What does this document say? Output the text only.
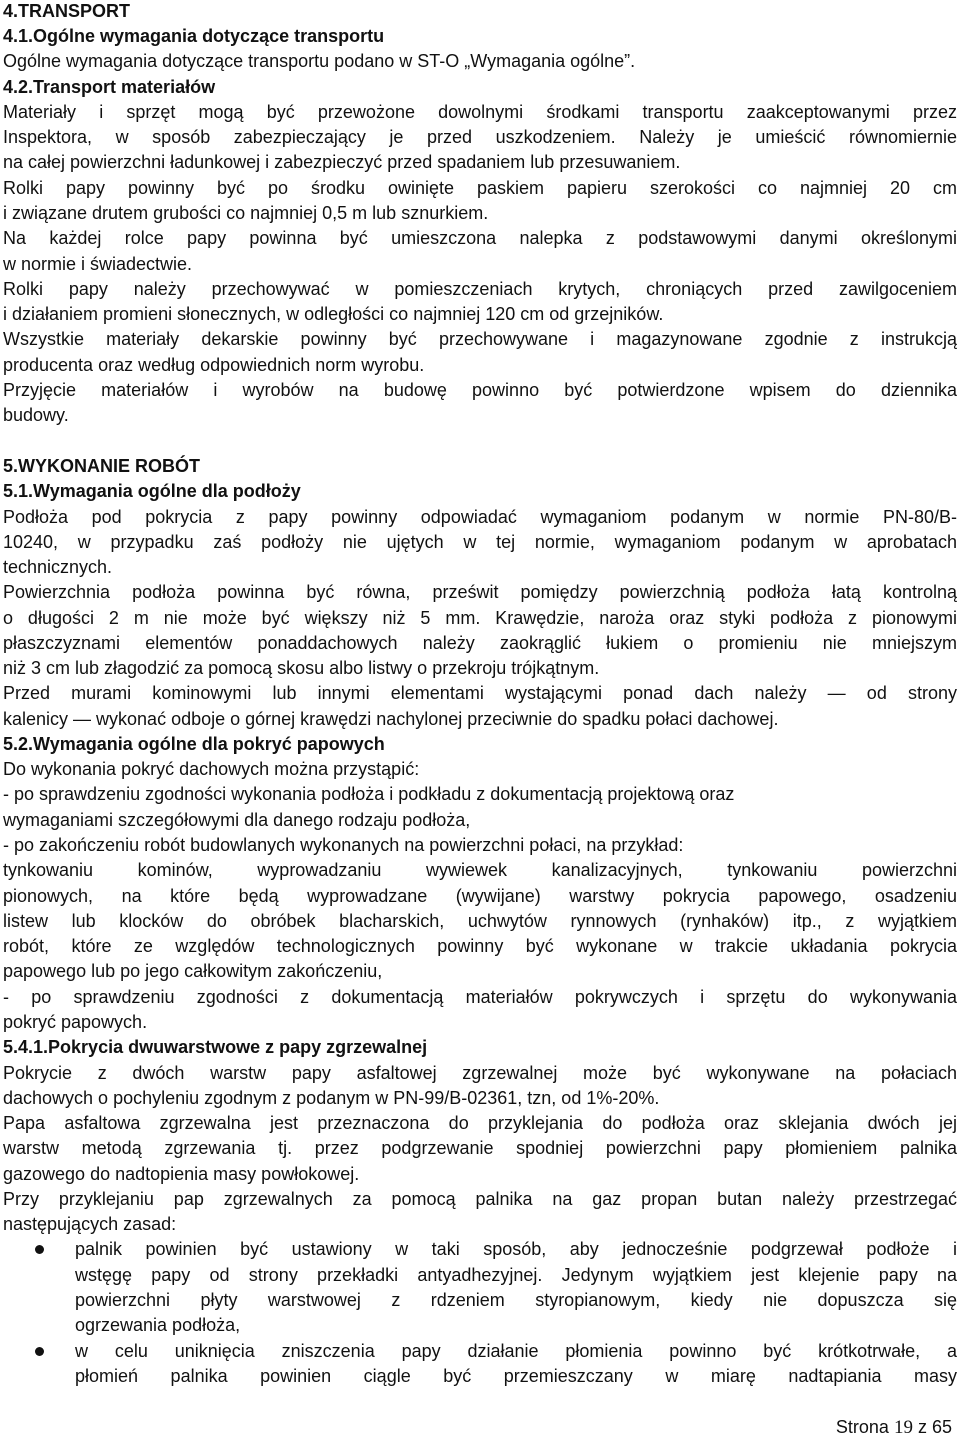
4.TRANSPORT
4.1.Ogólne wymagania dotyczące transportu
Ogólne wymagania dotyczące transportu podano w ST-O „Wymagania ogólne”.
4.2.Transport materiałów
Materiały i sprzęt mogą być przewożone dowolnymi środkami transportu zaakceptowanymi przez
Inspektora, w sposób zabezpieczający je przed uszkodzeniem. Należy je umieścić równomiernie
na całej powierzchni ładunkowej i zabezpieczyć przed spadaniem lub przesuwaniem.
Rolki papy powinny być po środku owinięte paskiem papieru szerokości co najmniej 20 cm
i związane drutem grubości co najmniej 0,5 m lub sznurkiem.
Na każdej rolce papy powinna być umieszczona nalepka z podstawowymi danymi określonymi
w normie i świadectwie.
Rolki papy należy przechowywać w pomieszczeniach krytych, chroniących przed zawilgoceniem
i działaniem promieni słonecznych, w odległości co najmniej 120 cm od grzejników.
Wszystkie materiały dekarskie powinny być przechowywane i magazynowane zgodnie z instrukcją
producenta oraz według odpowiednich norm wyrobu.
Przyjęcie materiałów i wyrobów na budowę powinno być potwierdzone wpisem do dziennika
budowy.
5.WYKONANIE ROBÓT
5.1.Wymagania ogólne dla podłoży
Podłoża pod pokrycia z papy powinny odpowiadać wymaganiom podanym w normie PN-80/B-
10240, w przypadku zaś podłoży nie ujętych w tej normie, wymaganiom podanym w aprobatach
technicznych.
Powierzchnia podłoża powinna być równa, prześwit pomiędzy powierzchnią podłoża łatą kontrolną
o długości 2 m nie może być większy niż 5 mm. Krawędzie, naroża oraz styki podłoża z pionowymi
płaszczyznami elementów ponaddachowych należy zaokrąglić łukiem o promieniu nie mniejszym
niż 3 cm lub złagodzić za pomocą skosu albo listwy o przekroju trójkątnym.
Przed murami kominowymi lub innymi elementami wystającymi ponad dach należy — od strony
kalenicy — wykonać odboje o górnej krawędzi nachylonej przeciwnie do spadku połaci dachowej.
5.2.Wymagania ogólne dla pokryć papowych
Do wykonania pokryć dachowych można przystąpić:
- po sprawdzeniu zgodności wykonania podłoża i podkładu z dokumentacją projektową oraz
wymaganiami szczegółowymi dla danego rodzaju podłoża,
- po zakończeniu robót budowlanych wykonanych na powierzchni połaci, na przykład:
tynkowaniu kominów, wyprowadzaniu wywiewek kanalizacyjnych, tynkowaniu powierzchni
pionowych, na które będą wyprowadzane (wywijane) warstwy pokrycia papowego, osadzeniu
listew lub klocków do obróbek blacharskich, uchwytów rynnowych (rynhaków) itp., z wyjątkiem
robót, które ze względów technologicznych powinny być wykonane w trakcie układania pokrycia
papowego lub po jego całkowitym zakończeniu,
- po sprawdzeniu zgodności z dokumentacją materiałów pokrywczych i sprzętu do wykonywania
pokryć papowych.
5.4.1.Pokrycia dwuwarstwowe z papy zgrzewalnej
Pokrycie z dwóch warstw papy asfaltowej zgrzewalnej może być wykonywane na połaciach
dachowych o pochyleniu zgodnym z podanym w PN-99/B-02361, tzn, od 1%-20%.
Papa asfaltowa zgrzewalna jest przeznaczona do przyklejania do podłoża oraz sklejania dwóch jej
warstw metodą zgrzewania tj. przez podgrzewanie spodniej powierzchni papy płomieniem palnika
gazowego do nadtopienia masy powłokowej.
Przy przyklejaniu pap zgrzewalnych za pomocą palnika na gaz propan butan należy przestrzegać
następujących zasad:
palnik powinien być ustawiony w taki sposób, aby jednocześnie podgrzewał podłoże i
wstęgę papy od strony przekładki antyadhezyjnej. Jedynym wyjątkiem jest klejenie papy na
powierzchni płyty warstwowej z rdzeniem styropianowym, kiedy nie dopuszcza się
ogrzewania podłoża,
w celu uniknięcia zniszczenia papy działanie płomienia powinno być krótkotrwałe, a
płomień palnika powinien ciągle być przemieszczany w miarę nadtapiania masy
Strona 19 z 65
